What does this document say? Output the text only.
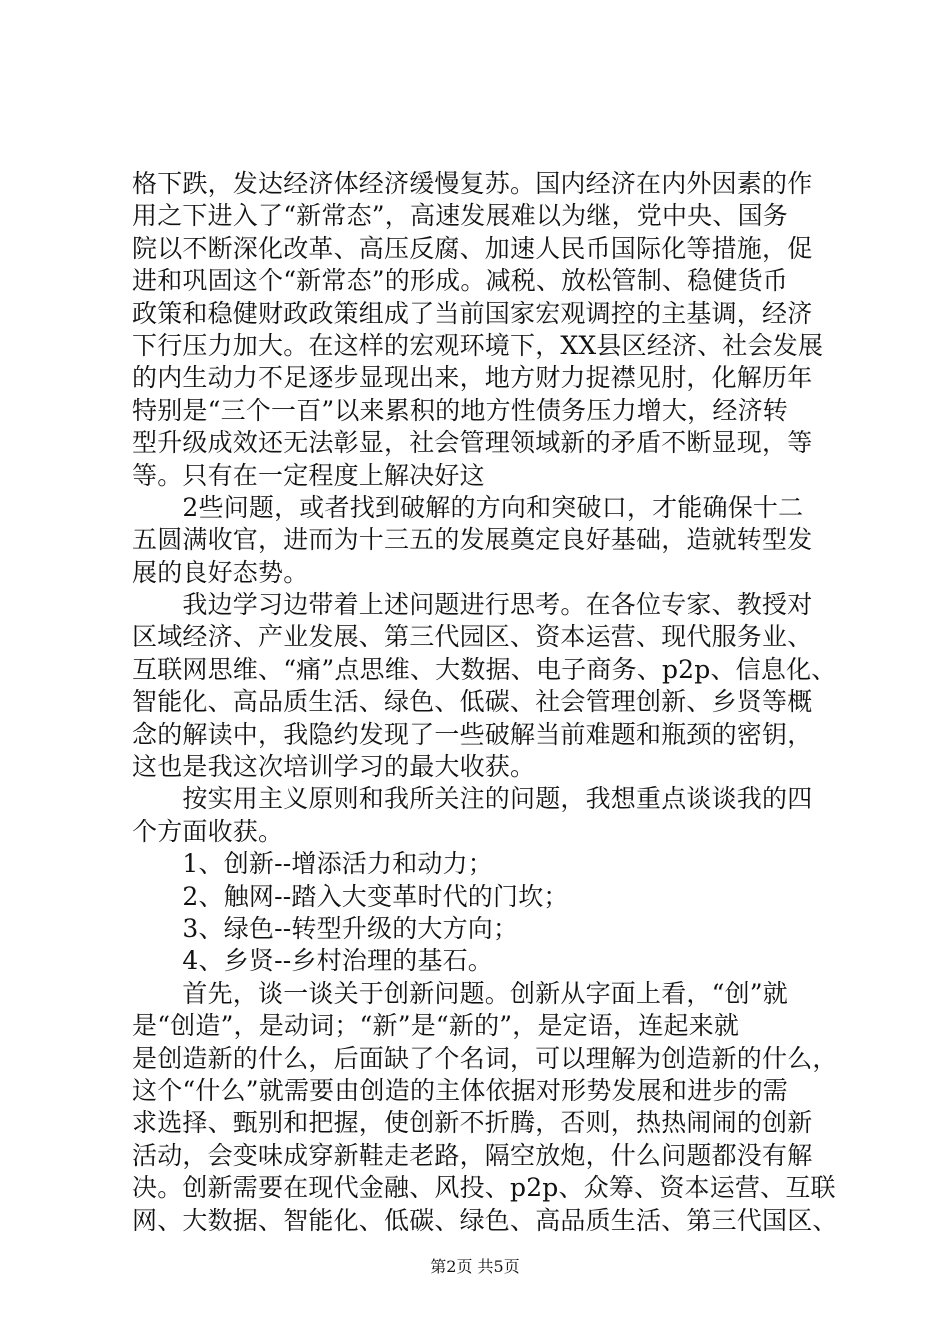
格下跌，发达经济体经济缓慢复苏。国内经济在内外因素的作
用之下进入了“新常态”，高速发展难以为继，党中央、国务
院以不断深化改革、高压反腐、加速人民币国际化等措施，促
进和巩固这个“新常态”的形成。减税、放松管制、稳健货币
政策和稳健财政政策组成了当前国家宏观调控的主基调，经济
下行压力加大。在这样的宏观环境下，XX县区经济、社会发展
的内生动力不足逐步显现出来，地方财力捉襟见肘，化解历年
特别是“三个一百”以来累积的地方性债务压力增大，经济转
型升级成效还无法彰显，社会管理领域新的矛盾不断显现，等
等。只有在一定程度上解决好这
　　2些问题，或者找到破解的方向和突破口，才能确保十二
五圆满收官，进而为十三五的发展奠定良好基础，造就转型发
展的良好态势。
　　我边学习边带着上述问题进行思考。在各位专家、教授对
区域经济、产业发展、第三代园区、资本运营、现代服务业、
互联网思维、“痛”点思维、大数据、电子商务、p2p、信息化、
智能化、高品质生活、绿色、低碳、社会管理创新、乡贤等概
念的解读中，我隐约发现了一些破解当前难题和瓶颈的密钥，
这也是我这次培训学习的最大收获。
　　按实用主义原则和我所关注的问题，我想重点谈谈我的四
个方面收获。
　　1、创新--增添活力和动力；
　　2、触网--踏入大变革时代的门坎；
　　3、绿色--转型升级的大方向；
　　4、乡贤--乡村治理的基石。
　　首先，谈一谈关于创新问题。创新从字面上看，“创”就
是“创造”，是动词；“新”是“新的”，是定语，连起来就
是创造新的什么，后面缺了个名词，可以理解为创造新的什么，
这个“什么”就需要由创造的主体依据对形势发展和进步的需
求选择、甄别和把握，使创新不折腾，否则，热热闹闹的创新
活动，会变味成穿新鞋走老路，隔空放炮，什么问题都没有解
决。创新需要在现代金融、风投、p2p、众筹、资本运营、互联
网、大数据、智能化、低碳、绿色、高品质生活、第三代国区、
第2页 共5页
